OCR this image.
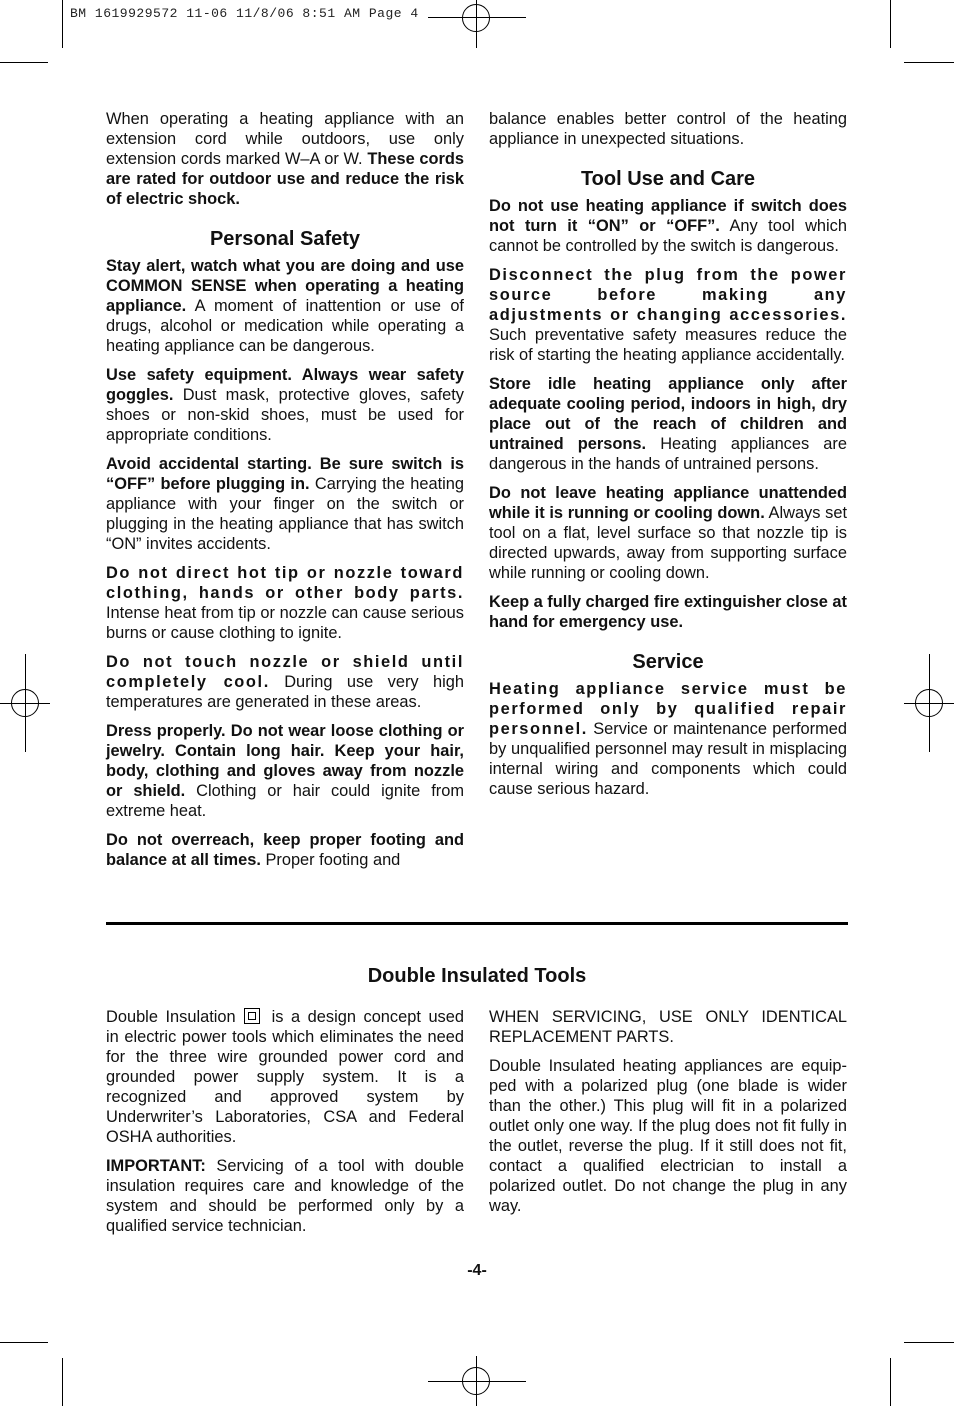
BM 1619929572 11-06 11/8/06 8:51 AM Page 4

When operating a heating appliance with an extension cord while outdoors, use only extension cords marked W–A or W. These cords are rated for outdoor use and reduce the risk of electric shock.

Personal Safety

Stay alert, watch what you are doing and use COMMON SENSE when operating a heating appliance. A moment of inattention or use of drugs, alcohol or medication while operating a heating appliance can be dangerous.

Use safety equipment. Always wear safety goggles. Dust mask, protective gloves, safety shoes or non-skid shoes, must be used for appropriate conditions.

Avoid accidental starting. Be sure switch is “OFF” before plugging in. Carrying the heating appliance with your finger on the switch or plugging in the heating appliance that has switch “ON” invites accidents.

Do not direct hot tip or nozzle toward clothing, hands or other body parts. Intense heat from tip or nozzle can cause serious burns or cause clothing to ignite.

Do not touch nozzle or shield until completely cool. During use very high temperatures are generated in these areas.

Dress properly. Do not wear loose clothing or jewelry. Contain long hair. Keep your hair, body, clothing and gloves away from nozzle or shield. Clothing or hair could ignite from extreme heat.

Do not overreach, keep proper footing and balance at all times. Proper footing and

balance enables better control of the heating appliance in unexpected situations.

Tool Use and Care

Do not use heating appliance if switch does not turn it “ON” or “OFF”. Any tool which cannot be controlled by the switch is dangerous.

Disconnect the plug from the power source before making any adjustments or changing accessories. Such preventative safety measures reduce the risk of starting the heating appliance accidentally.

Store idle heating appliance only after adequate cooling period, indoors in high, dry place out of the reach of children and untrained persons. Heating appliances are dangerous in the hands of untrained persons.

Do not leave heating appliance unattended while it is running or cooling down. Always set tool on a flat, level surface so that nozzle tip is directed upwards, away from supporting surface while running or cooling down.

Keep a fully charged fire extinguisher close at hand for emergency use.

Service

Heating appliance service must be performed only by qualified repair personnel. Service or maintenance performed by unqualified personnel may result in misplacing internal wiring and components which could cause serious hazard.

Double Insulated Tools

Double Insulation is a design concept used in electric power tools which eliminates the need for the three wire grounded power cord and grounded power supply system. It is a recognized and approved system by Underwriter’s Laboratories, CSA and Federal OSHA authorities.

IMPORTANT: Servicing of a tool with double insulation requires care and knowledge of the system and should be performed only by a qualified service technician.

WHEN SERVICING, USE ONLY IDENTICAL REPLACEMENT PARTS.

Double Insulated heating appliances are equip-ped with a polarized plug (one blade is wider than the other.) This plug will fit in a polarized outlet only one way. If the plug does not fit fully in the outlet, reverse the plug. If it still does not fit, contact a qualified electrician to install a polarized outlet. Do not change the plug in any way.

-4-
